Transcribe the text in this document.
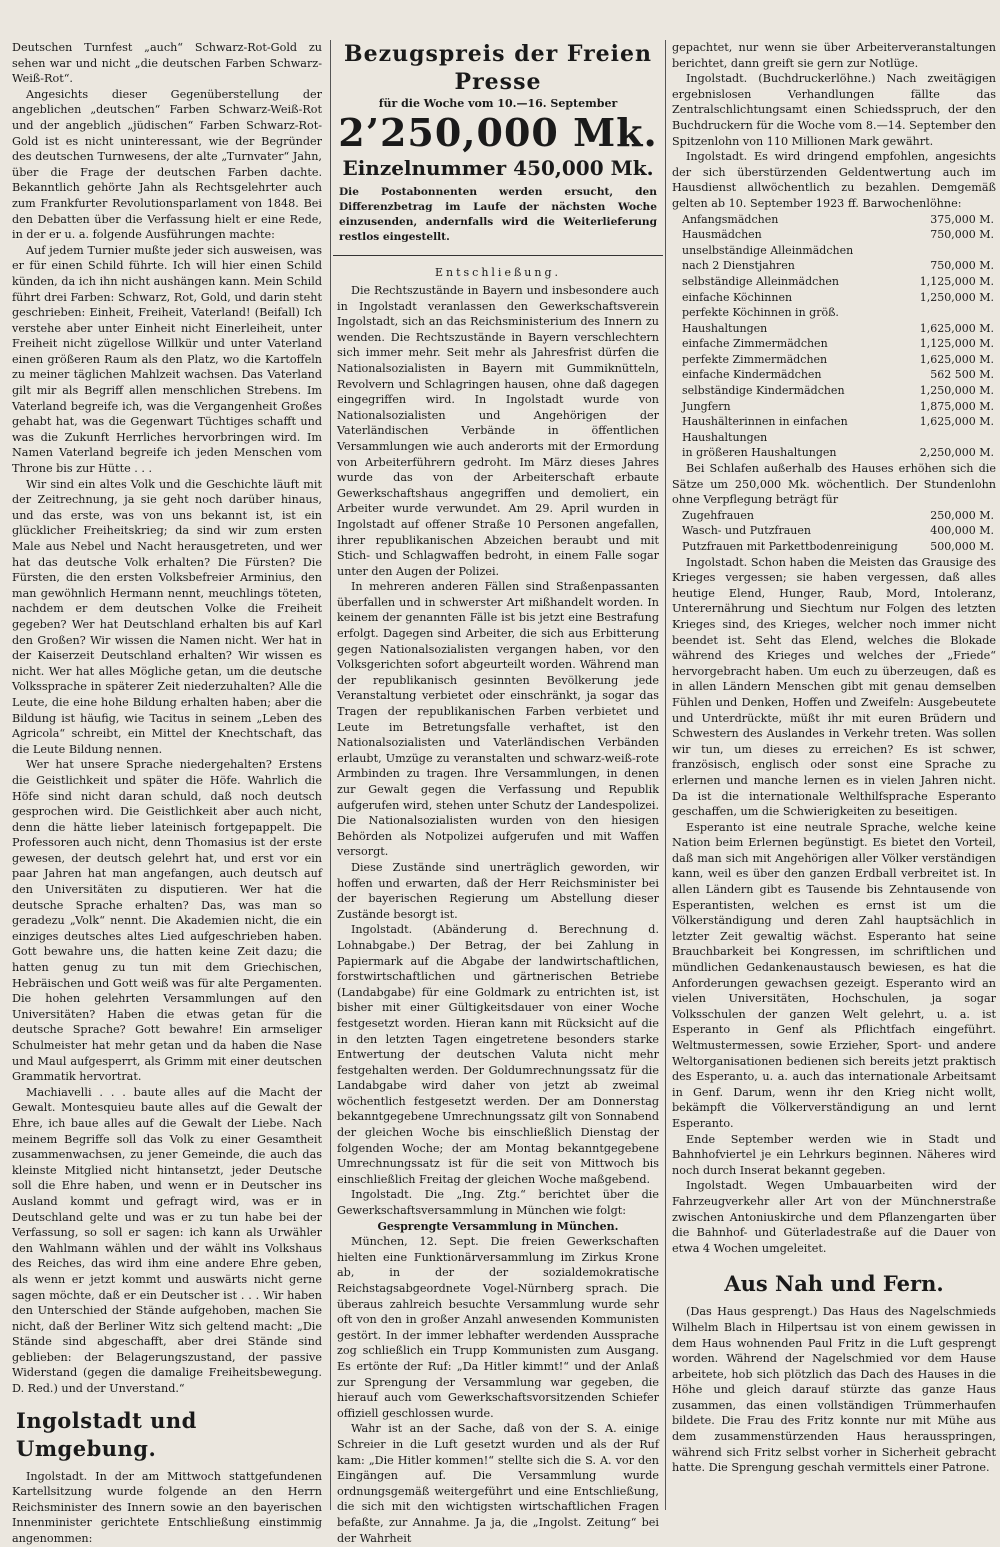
Deutschen Turnfest „auch“ Schwarz-Rot-Gold zu sehen war und nicht „die deutschen Farben Schwarz-Weiß-Rot“.

Angesichts dieser Gegenüberstellung der angeblichen „deutschen“ Farben Schwarz-Weiß-Rot und der angeblich „jüdischen“ Farben Schwarz-Rot-Gold ist es nicht uninteressant, wie der Begründer des deutschen Turnwesens, der alte „Turnvater“ Jahn, über die Frage der deutschen Farben dachte. Bekanntlich gehörte Jahn als Rechtsgelehrter auch zum Frankfurter Revolutionsparlament von 1848. Bei den Debatten über die Verfassung hielt er eine Rede, in der er u. a. folgende Ausführungen machte:

Auf jedem Turnier mußte jeder sich ausweisen, was er für einen Schild führte. Ich will hier einen Schild künden, da ich ihn nicht aushängen kann. Mein Schild führt drei Farben: Schwarz, Rot, Gold, und darin steht geschrieben: Einheit, Freiheit, Vaterland! (Beifall) Ich verstehe aber unter Einheit nicht Einerleiheit, unter Freiheit nicht zügellose Willkür und unter Vaterland einen größeren Raum als den Platz, wo die Kartoffeln zu meiner täglichen Mahlzeit wachsen. Das Vaterland gilt mir als Begriff allen menschlichen Strebens. Im Vaterland begreife ich, was die Vergangenheit Großes gehabt hat, was die Gegenwart Tüchtiges schafft und was die Zukunft Herrliches hervorbringen wird. Im Namen Vaterland begreife ich jeden Menschen vom Throne bis zur Hütte . . .

Wir sind ein altes Volk und die Geschichte läuft mit der Zeitrechnung, ja sie geht noch darüber hinaus, und das erste, was von uns bekannt ist, ist ein glücklicher Freiheitskrieg; da sind wir zum ersten Male aus Nebel und Nacht herausgetreten, und wer hat das deutsche Volk erhalten? Die Fürsten? Die Fürsten, die den ersten Volksbefreier Arminius, den man gewöhnlich Hermann nennt, meuchlings töteten, nachdem er dem deutschen Volke die Freiheit gegeben? Wer hat Deutschland erhalten bis auf Karl den Großen? Wir wissen die Namen nicht. Wer hat in der Kaiserzeit Deutschland erhalten? Wir wissen es nicht. Wer hat alles Mögliche getan, um die deutsche Volkssprache in späterer Zeit niederzuhalten? Alle die Leute, die eine hohe Bildung erhalten haben; aber die Bildung ist häufig, wie Tacitus in seinem „Leben des Agricola“ schreibt, ein Mittel der Knechtschaft, das die Leute Bildung nennen.

Wer hat unsere Sprache niedergehalten? Erstens die Geistlichkeit und später die Höfe. Wahrlich die Höfe sind nicht daran schuld, daß noch deutsch gesprochen wird. Die Geistlichkeit aber auch nicht, denn die hätte lieber lateinisch fortgepappelt. Die Professoren auch nicht, denn Thomasius ist der erste gewesen, der deutsch gelehrt hat, und erst vor ein paar Jahren hat man angefangen, auch deutsch auf den Universitäten zu disputieren. Wer hat die deutsche Sprache erhalten? Das, was man so geradezu „Volk“ nennt. Die Akademien nicht, die ein einziges deutsches altes Lied aufgeschrieben haben. Gott bewahre uns, die hatten keine Zeit dazu; die hatten genug zu tun mit dem Griechischen, Hebräischen und Gott weiß was für alte Pergamenten. Die hohen gelehrten Versammlungen auf den Universitäten? Haben die etwas getan für die deutsche Sprache? Gott bewahre! Ein armseliger Schulmeister hat mehr getan und da haben die Nase und Maul aufgesperrt, als Grimm mit einer deutschen Grammatik hervortrat.

Machiavelli . . . baute alles auf die Macht der Gewalt. Montesquieu baute alles auf die Gewalt der Ehre, ich baue alles auf die Gewalt der Liebe. Nach meinem Begriffe soll das Volk zu einer Gesamtheit zusammenwachsen, zu jener Gemeinde, die auch das kleinste Mitglied nicht hintansetzt, jeder Deutsche soll die Ehre haben, und wenn er in Deutscher ins Ausland kommt und gefragt wird, was er in Deutschland gelte und was er zu tun habe bei der Verfassung, so soll er sagen: ich kann als Urwähler den Wahlmann wählen und der wählt ins Volkshaus des Reiches, das wird ihm eine andere Ehre geben, als wenn er jetzt kommt und auswärts nicht gerne sagen möchte, daß er ein Deutscher ist . . . Wir haben den Unterschied der Stände aufgehoben, machen Sie nicht, daß der Berliner Witz sich geltend macht: „Die Stände sind abgeschafft, aber drei Stände sind geblieben: der Belagerungszustand, der passive Widerstand (gegen die damalige Freiheitsbewegung. D. Red.) und der Unverstand.“

Ingolstadt und Umgebung.

Ingolstadt. In der am Mittwoch stattgefundenen Kartellsitzung wurde folgende an den Herrn Reichsminister des Innern sowie an den bayerischen Innenminister gerichtete Entschließung einstimmig angenommen:

Bezugspreis der Freien Presse
für die Woche vom 10.—16. September
2’250,000 Mk.
Einzelnummer 450,000 Mk.
Die Postabonnenten werden ersucht, den Differenzbetrag im Laufe der nächsten Woche einzusenden, andernfalls wird die Weiterlieferung restlos eingestellt.
Entschließung.

Die Rechtszustände in Bayern und insbesondere auch in Ingolstadt veranlassen den Gewerkschaftsverein Ingolstadt, sich an das Reichsministerium des Innern zu wenden. Die Rechtszustände in Bayern verschlechtern sich immer mehr. Seit mehr als Jahresfrist dürfen die Nationalsozialisten in Bayern mit Gummiknütteln, Revolvern und Schlagringen hausen, ohne daß dagegen eingegriffen wird. In Ingolstadt wurde von Nationalsozialisten und Angehörigen der Vaterländischen Verbände in öffentlichen Versammlungen wie auch anderorts mit der Ermordung von Arbeiterführern gedroht. Im März dieses Jahres wurde das von der Arbeiterschaft erbaute Gewerkschaftshaus angegriffen und demoliert, ein Arbeiter wurde verwundet. Am 29. April wurden in Ingolstadt auf offener Straße 10 Personen angefallen, ihrer republikanischen Abzeichen beraubt und mit Stich- und Schlagwaffen bedroht, in einem Falle sogar unter den Augen der Polizei.

In mehreren anderen Fällen sind Straßenpassanten überfallen und in schwerster Art mißhandelt worden. In keinem der genannten Fälle ist bis jetzt eine Bestrafung erfolgt. Dagegen sind Arbeiter, die sich aus Erbitterung gegen Nationalsozialisten vergangen haben, vor den Volksgerichten sofort abgeurteilt worden. Während man der republikanisch gesinnten Bevölkerung jede Veranstaltung verbietet oder einschränkt, ja sogar das Tragen der republikanischen Farben verbietet und Leute im Betretungsfalle verhaftet, ist den Nationalsozialisten und Vaterländischen Verbänden erlaubt, Umzüge zu veranstalten und schwarz-weiß-rote Armbinden zu tragen. Ihre Versammlungen, in denen zur Gewalt gegen die Verfassung und Republik aufgerufen wird, stehen unter Schutz der Landespolizei. Die Nationalsozialisten wurden von den hiesigen Behörden als Notpolizei aufgerufen und mit Waffen versorgt.

Diese Zustände sind unerträglich geworden, wir hoffen und erwarten, daß der Herr Reichsminister bei der bayerischen Regierung um Abstellung dieser Zustände besorgt ist.

Ingolstadt. (Abänderung d. Berechnung d. Lohnabgabe.) Der Betrag, der bei Zahlung in Papiermark auf die Abgabe der landwirtschaftlichen, forstwirtschaftlichen und gärtnerischen Betriebe (Landabgabe) für eine Goldmark zu entrichten ist, ist bisher mit einer Gültigkeitsdauer von einer Woche festgesetzt worden. Hieran kann mit Rücksicht auf die in den letzten Tagen eingetretene besonders starke Entwertung der deutschen Valuta nicht mehr festgehalten werden. Der Goldumrechnungssatz für die Landabgabe wird daher von jetzt ab zweimal wöchentlich festgesetzt werden. Der am Donnerstag bekanntgegebene Umrechnungssatz gilt von Sonnabend der gleichen Woche bis einschließlich Dienstag der folgenden Woche; der am Montag bekanntgegebene Umrechnungssatz ist für die seit von Mittwoch bis einschließlich Freitag der gleichen Woche maßgebend.

Ingolstadt. Die „Ing. Ztg.“ berichtet über die Gewerkschaftsversammlung in München wie folgt:

Gesprengte Versammlung in München.

München, 12. Sept. Die freien Gewerkschaften hielten eine Funktionärversammlung im Zirkus Krone ab, in der der sozialdemokratische Reichstagsabgeordnete Vogel-Nürnberg sprach. Die überaus zahlreich besuchte Versammlung wurde sehr oft von den in großer Anzahl anwesenden Kommunisten gestört. In der immer lebhafter werdenden Aussprache zog schließlich ein Trupp Kommunisten zum Ausgang. Es ertönte der Ruf: „Da Hitler kimmt!“ und der Anlaß zur Sprengung der Versammlung war gegeben, die hierauf auch vom Gewerkschaftsvorsitzenden Schiefer offiziell geschlossen wurde.

Wahr ist an der Sache, daß von der S. A. einige Schreier in die Luft gesetzt wurden und als der Ruf kam: „Die Hitler kommen!“ stellte sich die S. A. vor den Eingängen auf. Die Versammlung wurde ordnungsgemäß weitergeführt und eine Entschließung, die sich mit den wichtigsten wirtschaftlichen Fragen befaßte, zur Annahme. Ja ja, die „Ingolst. Zeitung“ bei der Wahrheit

gepachtet, nur wenn sie über Arbeiterveranstaltungen berichtet, dann greift sie gern zur Notlüge.

Ingolstadt. (Buchdruckerlöhne.) Nach zweitägigen ergebnislosen Verhandlungen fällte das Zentralschlichtungsamt einen Schiedsspruch, der den Buchdruckern für die Woche vom 8.—14. September den Spitzenlohn von 110 Millionen Mark gewährt.

Ingolstadt. Es wird dringend empfohlen, angesichts der sich überstürzenden Geldentwertung auch im Hausdienst allwöchentlich zu bezahlen. Demgemäß gelten ab 10. September 1923 ff. Barwochenlöhne:

Anfangsmädchen	375,000 M.
Hausmädchen	750,000 M.
unselbständige Alleinmädchen
nach 2 Dienstjahren	750,000 M.
selbständige Alleinmädchen	1,125,000 M.
einfache Köchinnen	1,250,000 M.
perfekte Köchinnen in größ.
Haushaltungen	1,625,000 M.
einfache Zimmermädchen	1,125,000 M.
perfekte Zimmermädchen	1,625,000 M.
einfache Kindermädchen	562 500 M.
selbständige Kindermädchen	1,250,000 M.
Jungfern	1,875,000 M.
Haushälterinnen in einfachen Haushaltungen
1,625,000 M.
in größeren Haushaltungen	2,250,000 M.

Bei Schlafen außerhalb des Hauses erhöhen sich die Sätze um 250,000 Mk. wöchentlich. Der Stundenlohn ohne Verpflegung beträgt für

Zugehfrauen	250,000 M.
Wasch- und Putzfrauen	400,000 M.
Putzfrauen mit Parkettbodenreinigung	500,000 M.

Ingolstadt. Schon haben die Meisten das Grausige des Krieges vergessen; sie haben vergessen, daß alles heutige Elend, Hunger, Raub, Mord, Intoleranz, Unterernährung und Siechtum nur Folgen des letzten Krieges sind, des Krieges, welcher noch immer nicht beendet ist. Seht das Elend, welches die Blokade während des Krieges und welches der „Friede“ hervorgebracht haben. Um euch zu überzeugen, daß es in allen Ländern Menschen gibt mit genau demselben Fühlen und Denken, Hoffen und Zweifeln: Ausgebeutete und Unterdrückte, müßt ihr mit euren Brüdern und Schwestern des Auslandes in Verkehr treten. Was sollen wir tun, um dieses zu erreichen? Es ist schwer, französisch, englisch oder sonst eine Sprache zu erlernen und manche lernen es in vielen Jahren nicht. Da ist die internationale Welthilfsprache Esperanto geschaffen, um die Schwierigkeiten zu beseitigen.

Esperanto ist eine neutrale Sprache, welche keine Nation beim Erlernen begünstigt. Es bietet den Vorteil, daß man sich mit Angehörigen aller Völker verständigen kann, weil es über den ganzen Erdball verbreitet ist. In allen Ländern gibt es Tausende bis Zehntausende von Esperantisten, welchen es ernst ist um die Völkerständigung und deren Zahl hauptsächlich in letzter Zeit gewaltig wächst. Esperanto hat seine Brauchbarkeit bei Kongressen, im schriftlichen und mündlichen Gedankenaustausch bewiesen, es hat die Anforderungen gewachsen gezeigt. Esperanto wird an vielen Universitäten, Hochschulen, ja sogar Volksschulen der ganzen Welt gelehrt, u. a. ist Esperanto in Genf als Pflichtfach eingeführt. Weltmustermessen, sowie Erzieher, Sport- und andere Weltorganisationen bedienen sich bereits jetzt praktisch des Esperanto, u. a. auch das internationale Arbeitsamt in Genf. Darum, wenn ihr den Krieg nicht wollt, bekämpft die Völkerverständigung an und lernt Esperanto.

Ende September werden wie in Stadt und Bahnhofviertel je ein Lehrkurs beginnen. Näheres wird noch durch Inserat bekannt gegeben.

Ingolstadt. Wegen Umbauarbeiten wird der Fahrzeugverkehr aller Art von der Münchnerstraße zwischen Antoniuskirche und dem Pflanzengarten über die Bahnhof- und Güterladestraße auf die Dauer von etwa 4 Wochen umgeleitet.

Aus Nah und Fern.

(Das Haus gesprengt.) Das Haus des Nagelschmieds Wilhelm Blach in Hilpertsau ist von einem gewissen in dem Haus wohnenden Paul Fritz in die Luft gesprengt worden. Während der Nagelschmied vor dem Hause arbeitete, hob sich plötzlich das Dach des Hauses in die Höhe und gleich darauf stürzte das ganze Haus zusammen, das einen vollständigen Trümmerhaufen bildete. Die Frau des Fritz konnte nur mit Mühe aus dem zusammenstürzenden Haus herausspringen, während sich Fritz selbst vorher in Sicherheit gebracht hatte. Die Sprengung geschah vermittels einer Patrone.
